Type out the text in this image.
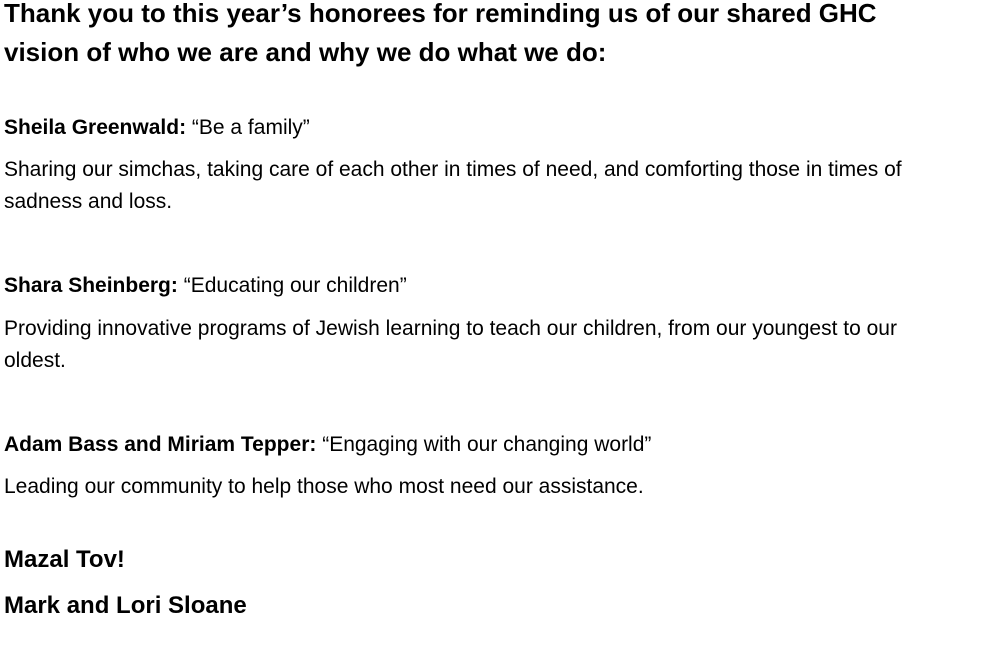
Thank you to this year’s honorees for reminding us of our shared GHC vision of who we are and why we do what we do:

Sheila Greenwald: “Be a family”

Sharing our simchas, taking care of each other in times of need, and comforting those in times of sadness and loss.

Shara Sheinberg: “Educating our children”

Providing innovative programs of Jewish learning to teach our children, from our youngest to our oldest.

Adam Bass and Miriam Tepper: “Engaging with our changing world”

Leading our community to help those who most need our assistance.

Mazal Tov!

Mark and Lori Sloane
